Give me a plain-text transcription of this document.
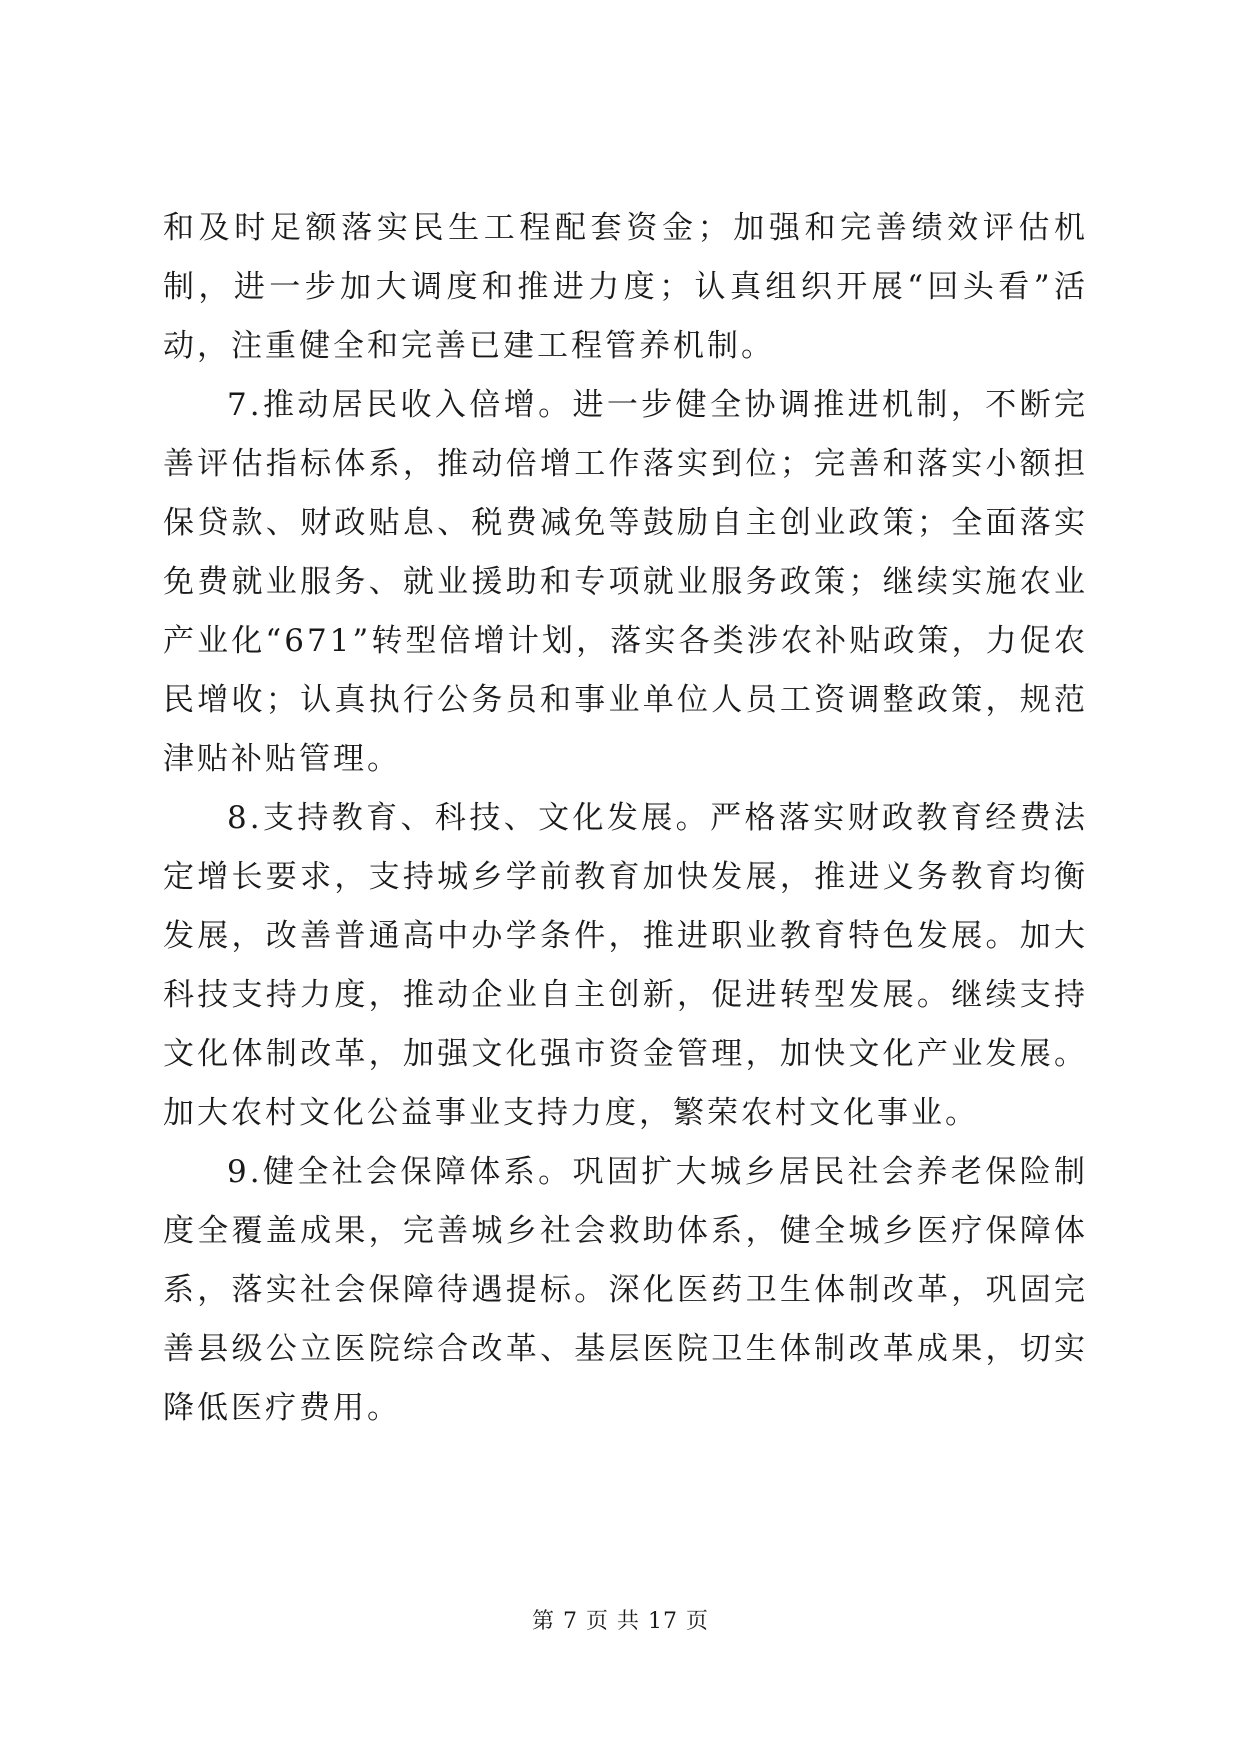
和及时足额落实民生工程配套资金；加强和完善绩效评估机制，进一步加大调度和推进力度；认真组织开展“回头看”活动，注重健全和完善已建工程管养机制。

7.推动居民收入倍增。进一步健全协调推进机制，不断完善评估指标体系，推动倍增工作落实到位；完善和落实小额担保贷款、财政贴息、税费减免等鼓励自主创业政策；全面落实免费就业服务、就业援助和专项就业服务政策；继续实施农业产业化“671”转型倍增计划，落实各类涉农补贴政策，力促农民增收；认真执行公务员和事业单位人员工资调整政策，规范津贴补贴管理。

8.支持教育、科技、文化发展。严格落实财政教育经费法定增长要求，支持城乡学前教育加快发展，推进义务教育均衡发展，改善普通高中办学条件，推进职业教育特色发展。加大科技支持力度，推动企业自主创新，促进转型发展。继续支持文化体制改革，加强文化强市资金管理，加快文化产业发展。加大农村文化公益事业支持力度，繁荣农村文化事业。

9.健全社会保障体系。巩固扩大城乡居民社会养老保险制度全覆盖成果，完善城乡社会救助体系，健全城乡医疗保障体系，落实社会保障待遇提标。深化医药卫生体制改革，巩固完善县级公立医院综合改革、基层医院卫生体制改革成果，切实降低医疗费用。

第 7 页 共 17 页
